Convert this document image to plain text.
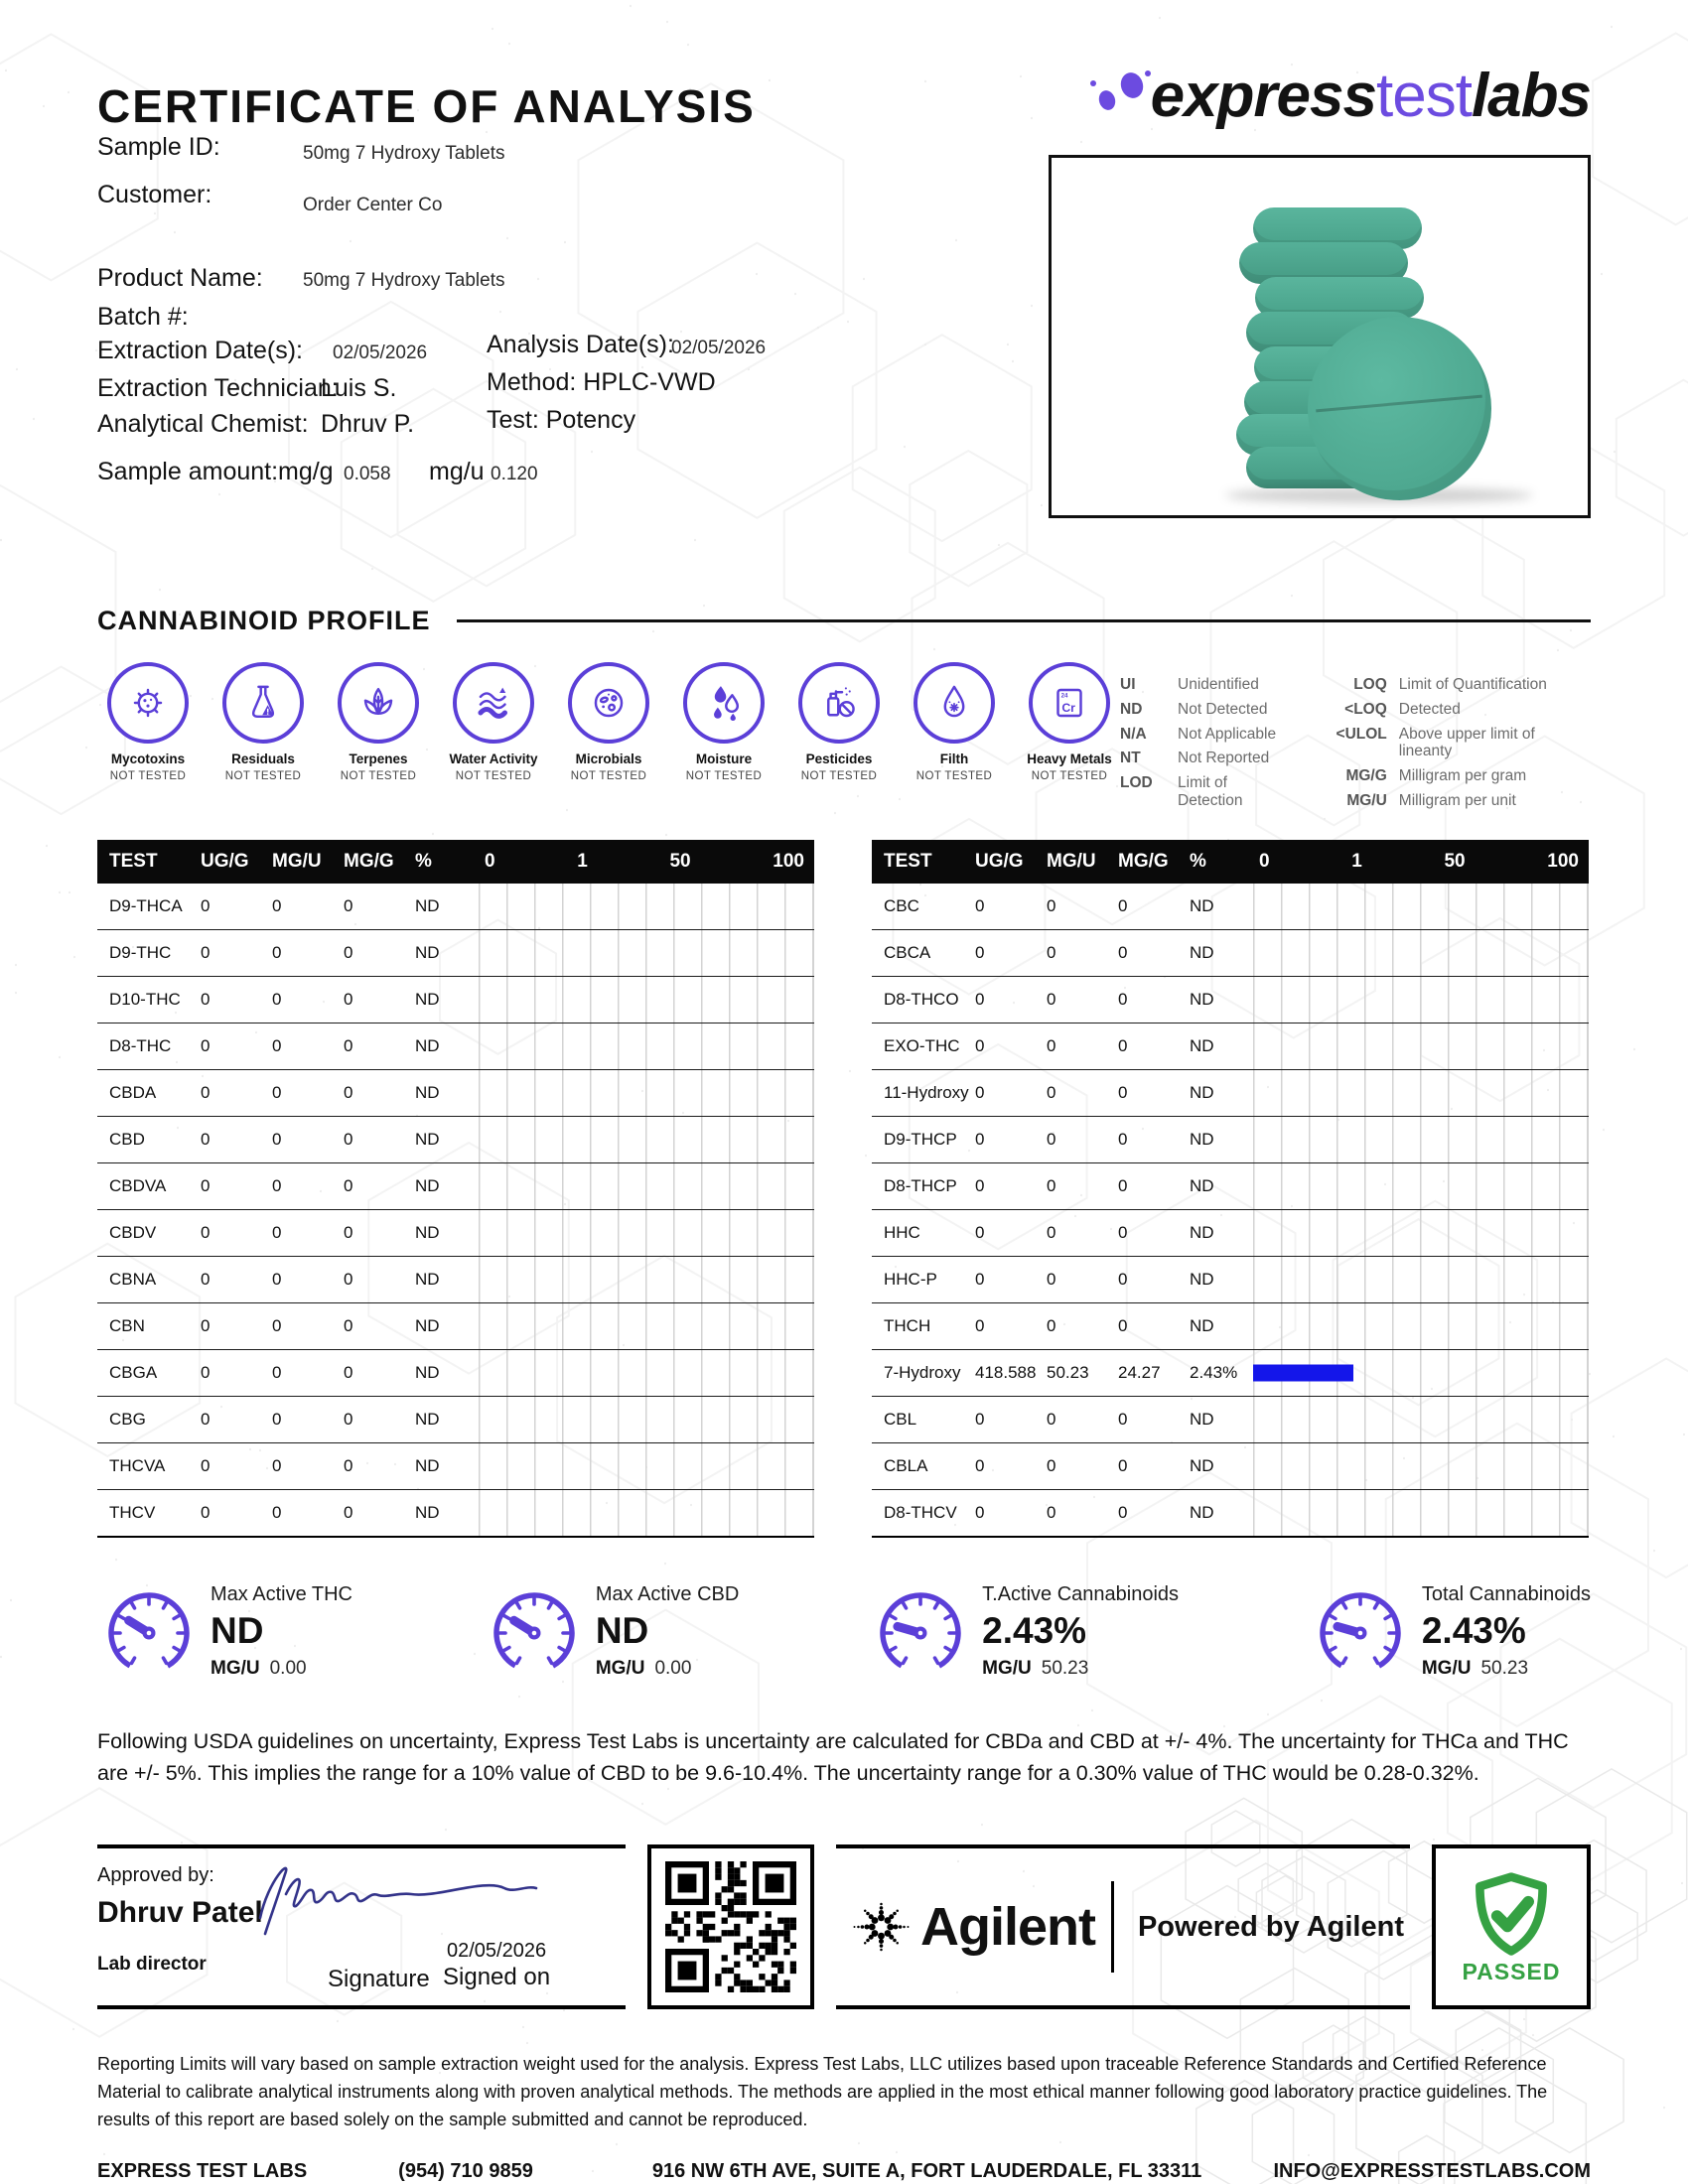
CERTIFICATE OF ANALYSIS	expresstestlabs
Sample ID:	50mg 7 Hydroxy Tablets
Customer:	Order Center Co
Product Name: 50mg 7 Hydroxy Tablets
Batch #:
Extraction Date(s): 02/05/2026 Analysis Date(s):
02/05/2026
Extraction Technician:
Luis S.	Method: HPLC-VWD
Analytical Chemist: Dhruv P.	Test: Potency
Sample amount: mg/g 0.058 mg/u 0.120
CANNABINOID PROFILE
Mycotoxins
NOT TESTED
Residuals
NOT TESTED
Terpenes
NOT TESTED
Water Activity
NOT TESTED
Microbials
NOT TESTED
Moisture
NOT TESTED
Pesticides
NOT TESTED
Filth
NOT TESTED
24
Cr
Heavy Metals
NOT TESTED
UI	Unidentified
ND	Not Detected
N/A	Not Applicable
NT	Not Reported
LOD	Limit of Detection
LOQ Limit of Quantification
<LOQ Detected
<ULOL Above upper limit of lineanty
MG/G Milligram per gram
MG/U Milligram per unit
TEST	UG/G	MG/U	MG/G	%	0	1	50	100
D9-THCA	0	0	0	ND
D9-THC	0	0	0	ND
D10-THC	0	0	0	ND
D8-THC	0	0	0	ND
CBDA	0	0	0	ND
CBD	0	0	0	ND
CBDVA	0	0	0	ND
CBDV	0	0	0	ND
CBNA	0	0	0	ND
CBN	0	0	0	ND
CBGA	0	0	0	ND
CBG	0	0	0	ND
THCVA	0	0	0	ND
THCV	0	0	0	ND
TEST	UG/G	MG/U	MG/G	%	0	1	50	100
CBC	0	0	0	ND
CBCA	0	0	0	ND
D8-THCO 0	0	0	ND
EXO-THC 0	0	0	ND
11-Hydroxy 0	0	0	ND
D9-THCP	0	0	0	ND
D8-THCP	0	0	0	ND
HHC	0	0	0	ND
HHC-P	0	0	0	ND
THCH	0	0	0	ND
7-Hydroxy 418.588 50.23	24.27	2.43%
CBL	0	0	0	ND
CBLA	0	0	0	ND
D8-THCV	0	0	0	ND
Max Active THC
ND
MG/U 0.00
Max Active CBD
ND
MG/U 0.00
T.Active Cannabinoids
2.43%
MG/U 50.23
Total Cannabinoids
2.43%
MG/U 50.23

Following USDA guidelines on uncertainty, Express Test Labs is uncertainty are calculated for CBDa and CBD at +/- 4%. The uncertainty for THCa and THC are +/- 5%. This implies the range for a 10% value of CBD to be 9.6-10.4%. The uncertainty range for a 0.30% value of THC would be 0.28-0.32%.

Approved by:
Dhruv Patel
Lab director
Signature
02/05/2026
Signed on
Agilent Powered by Agilent
PASSED

Reporting Limits will vary based on sample extraction weight used for the analysis. Express Test Labs, LLC utilizes based upon traceable Reference Standards and Certified Reference Material to calibrate analytical instruments along with proven analytical methods. The methods are applied in the most ethical manner following good laboratory practice guidelines. The results of this report are based solely on the sample submitted and cannot be reproduced.

EXPRESS TEST LABS	(954) 710 9859	916 NW 6TH AVE, SUITE A, FORT LAUDERDALE, FL 33311	INFO@EXPRESSTESTLABS.COM
